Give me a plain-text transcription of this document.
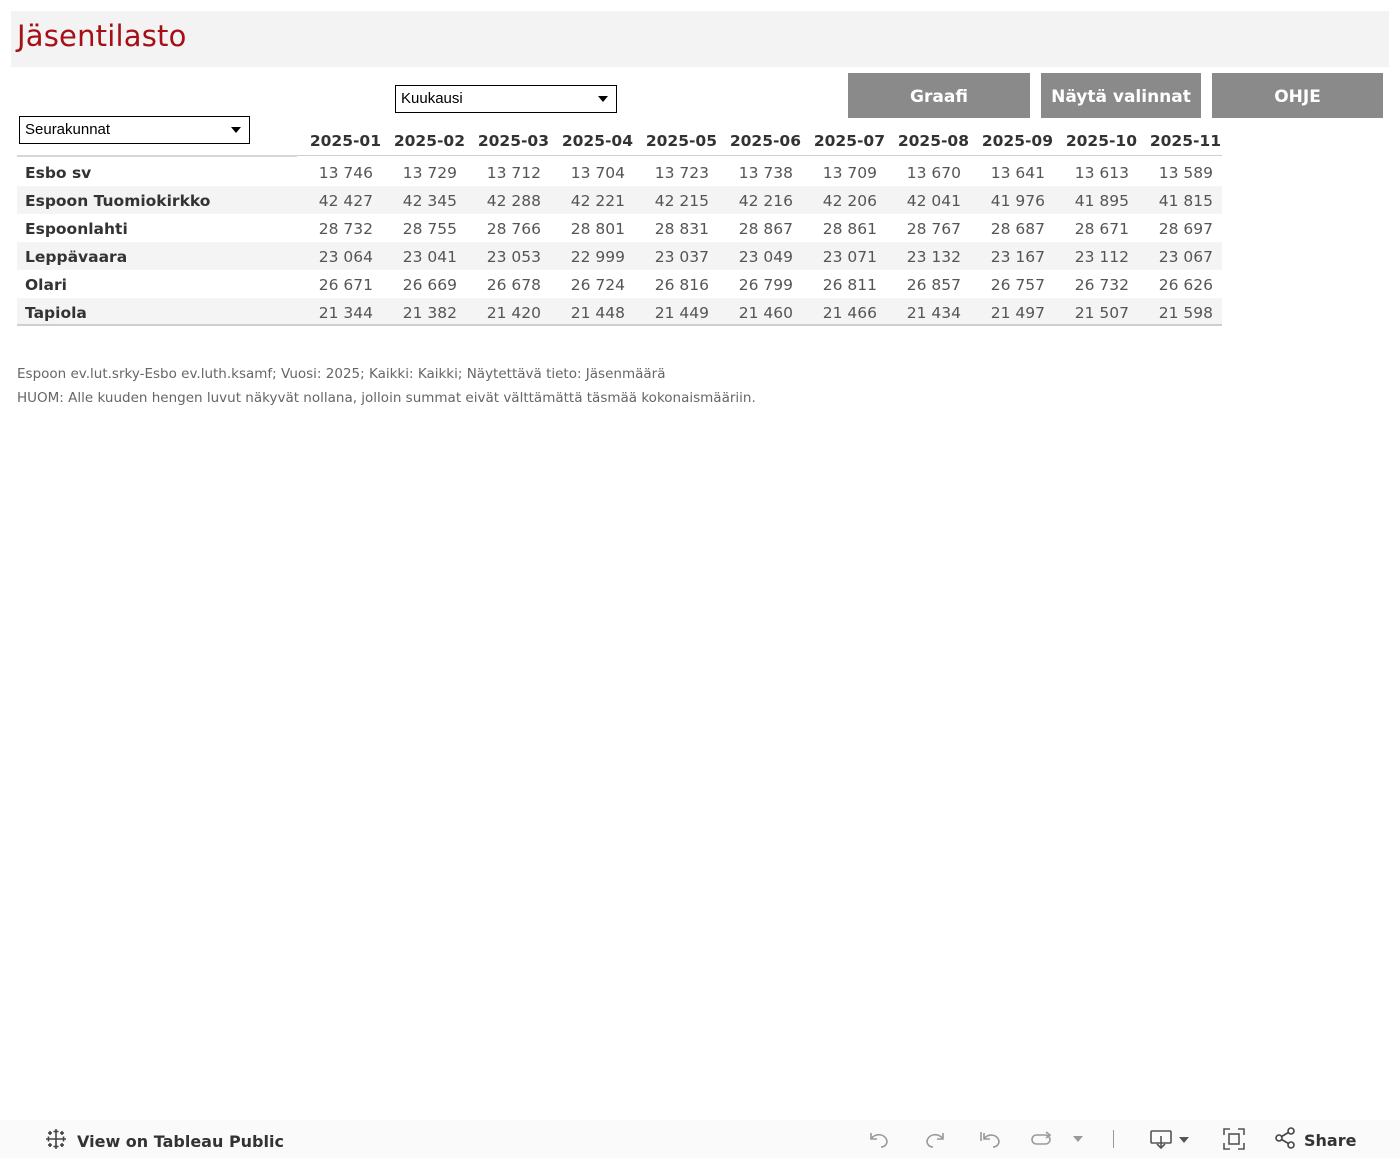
Jäsentilasto
Kuukausi
Seurakunnat
Graafi	Näytä valinnat	OHJE
2025-01 2025-02 2025-03 2025-04 2025-05 2025-06 2025-07 2025-08 2025-09 2025-10 2025-11
Esbo sv	13 746	13 729	13 712	13 704	13 723	13 738	13 709	13 670	13 641	13 613	13 589
Espoon Tuomiokirkko	42 427	42 345	42 288	42 221	42 215	42 216	42 206	42 041	41 976	41 895	41 815
Espoonlahti	28 732	28 755	28 766	28 801	28 831	28 867	28 861	28 767	28 687	28 671	28 697
Leppävaara	23 064	23 041	23 053	22 999	23 037	23 049	23 071	23 132	23 167	23 112	23 067
Olari	26 671	26 669	26 678	26 724	26 816	26 799	26 811	26 857	26 757	26 732	26 626
Tapiola	21 344	21 382	21 420	21 448	21 449	21 460	21 466	21 434	21 497	21 507	21 598
Espoon ev.lut.srky-Esbo ev.luth.ksamf; Vuosi: 2025; Kaikki: Kaikki; Näytettävä tieto: Jäsenmäärä
HUOM: Alle kuuden hengen luvut näkyvät nollana, jolloin summat eivät välttämättä täsmää kokonaismääriin.
View on Tableau Public	Share
